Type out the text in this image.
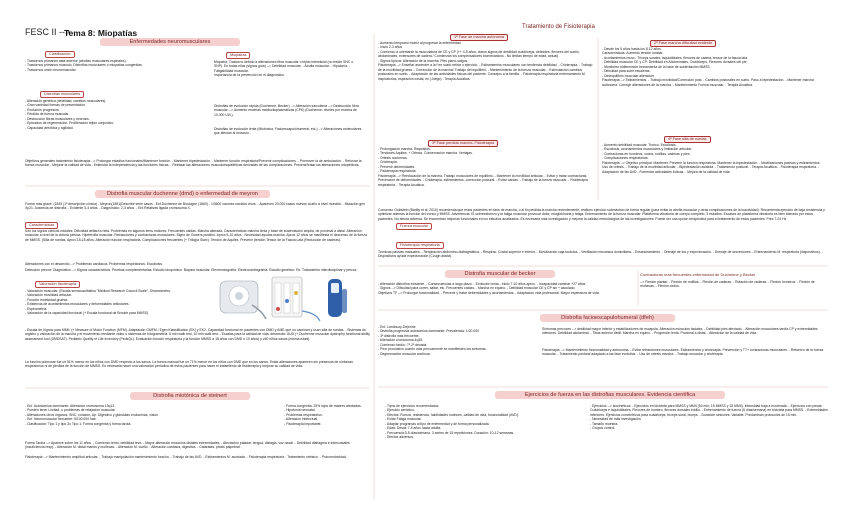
FESC II -->
Tema 8: Miopatías
Tratamiento de Fisioterapia
Enfermedades neuromusculares
Clasificación:
- Trastornos primarios asta anterior (atrofias musculares espinales).
- Trastornos primarios músculo. Distrofias musculares o miopatías congénitas.
- Trastornos unión neuromuscular.
Miopatías
Miopatía: Trastorno debido a alteraciones fibra muscular o tejido intersticial (no lesión SNC o
SNP). En todas ellas (signos guía) --> Debilidad muscular. - Atrofia muscular. - Hipotonía. -
Fatigabilidad muscular.
Importancia de la prevención en el diagnóstico.
Distrofias musculares
- Alteración genética (debilidad, cambios musculares).
- Gran variedad formas de presentación.
- Evolución progresiva.
- Pérdida de fuerza muscular.
- Destrucción fibras musculares y necrosis.
- Episodios de regeneración. Proliferación tejido conjuntivo.
- Capacidad aeróbica y agilidad.
Distrofias de evolución rápida (Duchenne, Becker) --> Alteración sarcolema --> Destrucción fibra muscular --> Aumento enzimas mediocitoplasmaticas (CPK) (Duchenne: niveles por encima de 10.000 UI/L).
Distrofias de evolución lenta (Miotónica, Facioescapulohumeral, etc.) --> Alteraciones moleculares que afectan al músculo.
Objetivos generales tratamiento fisioterapia --> Prolongar estadios funcionales/Mantener función. - Mantener bipedestación. - Mantener función respiratoria/Prevenir complicaciones. - Promover la de ambulación. - Reforzar la fuerza muscular - Mejorar la calidad de vida - Estimular la independencia y las funciones físicas. - Retrasar las alteraciones musculoesqueléticas derivadas de las complicaciones. Prevenir/tratar las alteraciones ortopédicas.
Distrofia muscular duchenne (dmd) o enfermedad de meyron
Forma más grave. (1845 (1ª descripción clínica) - Meyron(1851)Describe serie casos - Enf.Duchenne de Boulogne (1860) - 1/3600 varones nacidos vivos. - Aparecen 20.000 casos nuevos al año a nivel mundial. - Mutación gen Xp21. Ausencia de distrofia. - Evidente 3-4 años. - Diagnóstico: 2-3 años. - Enf.Relativas ligada cromosoma X.
Características
Son los signos clínicos iniciales: Dificultad aeltar/ra rleta. Problemas en algunos tems motores. Frecuentes caidas. Marcha alterada. Características marcha lenta y base de sustentación amplia, de proximal a distal. Alteración muscular a nivel de la cintura pélvica. Hipertrofia muscular. Retracciones y contracturas musculares. Signo de Gowers positivo. Aprox.5-10 años - Necesidad ayudas marcha. Aprox.12 años se manifiesta el descenso de la fuerza de MMSS. (Silla de ruedas. Aprox.15-18 años. Alteración función respiratoria. Complicaciones frecuentes (+ Trilogía Siarc). Tendón de Aquiles. Prevenir (tendón Tensor de la Fascia Lata (Reducción de caderas).
Alteraciones con el desarrollo --> Problemas cardiacos. Problemas respiratorios. Escoliosis.
Detección precoz: Diagnóstico --> Signos característicos. Pruebas complementarias: Estudio bioquímico. Biopsia muscular. Electromiografía. Electrocardiograma. Estudio genético. Rx. Tratamiento interdisciplinar y precoz.
Valoración fisioterapia
- Valoración muscular. (Escala semicuantitativa "Medical Research Council Scale". Dinamómetro.
- Valoración movilidad articular.
- Función motricidad gruesa.
- Existencia de acortamientos musculares y deformidades articulares.
- Espirometría.
- Valoración de la capacidad funcional (+ Escala funcional de Brooke para MMSS)
- Escala de Vignos para MMII. (+ Measure of Motor Function (MFM). Adaptación GMFM / Egen Klassifikation (EK) y EK2. Capacidad funcional en pacientes con DMD y AME que no caminan y usan silla de ruedas. - Sistemas de registro y valoración de la marcha y el movimiento mediante video o sistemas de fotogrametría. 6 min walk test, 10 min walk test. - Escalas para la calidad de vida, desarrollo: AUD (+ Duchenne muscular dystrophy functional ability assessment tool (DMDSAT). Pediatric Quality of Life Inventory (PedsQL). Evaluación función respiratoria y la función MMSS a 18 años con DMD o 10 años) y ≥50 niños sanos (misma edad).
La función pulmonar fue un 51% menor en los niños con DMD respecto a los sanos. La fuerza manual fue un 71% menor en los niños con DMD que en los sanos. Estas alteraciones aparecen sin presencia de síntomas respiratorios ni de pérdida de la función de MMSS. Es necesaria hacer una valoración periódica de estos pacientes para hacer el tratamiento de fisioterapia y mejorar su calidad de vida.
Distrofia miotónica de steinert
- Enf. Autosómica dominante. Alteración cromosoma 19q13.
- Pueden tener Limitad. o problemas de relajación muscular.
- Alteraciones otros órganos: SNC, corazón, Ap. Digestivo y glándulas endocrinas, visión.
- Enf. Neuromuscular frecuente: 5/100.000 hab.
- Clasificación: Tipo 1 y tipo 2o Tipo 1: Forma congénita y forma tardía.
- Forma congénita: 25% hijos de madres afectadas.
- Hipotonía neonatal.
- Problemas respiratorios.
- Alteración intelectual.
- Fisioterapia importante.
Forma Tardía --> Aparece sobre los 11 años. - Comienzo lento: debilidad leve. - Mayor alteración músculos distales extremidades. - Afectación paladar, lengua, disfagia, voz nasal. - Debilidad diafragma e intercostales (insuficiencia resp). - Alteración M. distal manos y muñecas. - Alteración M. cuello. - Alteración cardiaca, digestiva. - Cataratas, ptosis palpebral.
Fisioterapia --> Mantenimiento amplitud articular. - Trabajo manipulación mantenimiento función. - Trabajo de las AVD. - Estiramientos M. acortada. - Fisioterapia respiratoria - Tratamiento ortésico. - Psicomotricidad.
1ª Fase de marcha autónoma
- Aumento temprano motriz al progresar la enfermedad.
- Inicio 2-3 años
- Comienzo a orientarse la musculatura de CE y CP (++ 4-5 años: claros signos de debilidad cuádriceps, deltoides, flexores del cuello, abdominales, extensores de cadera / Comienzan los compensadores biomecánicos - No limitan tiempo de edad, actual).
- Signos típicos: Alteración de la marcha. Pies plano-valgos.
Fisioterapia --> Enseñar ascender a la f en suelo retirar o ejercicio. - Estiramientos musculares con tendencia debilidad. - Crioterapia. - Trabajo de la movilidad gruesa. - Corrección de la marcha/ Trabajo del equilibrio. - Mantenimiento de la fuerza muscular. - Estimulación cambios posturales en suelo. - Adaptación de las actividades físicas del paciente. Consejos a la familia. - Fisioterapia respiratoria entrenamiento M. inspiratorios, espiración costal, en (Juego) - Terapia Acuática.
2ª Fase marcha dificultad evidente
- Desde los 5 años hasta los 8-12 años.
Características: Aumento tendón lumbar.
- Acortamientos musc.: Triceps surales, isquiotibiales, flexores de cadera, tensor de la fascia lata.
- Debilidad muscular CE y CP: Debilidad en Abdominales, Cuádriceps, Flexores dorsales del pie.
- Monitoreo bidimensión herramienta de la base de sustentación MMSS.
- Dificultad para subir escaleras.
- Desequilibrio muscular alteración.
Fisioterapia --> Estiramientos. - Trabajo movilidad/Corrección post. - Cambios posturales en suelo. Paso a bipedestación. - Mantener marcha autónoma. Corregir alteraciones de la marcha. - Mantenimiento Fuerza muscular. - Terapia Acuática.
3ª Fase perdida marcha. Fisioterapia
- Prolongación marcha. Requisitos.
- Tendones Aquiles. + Ortesis. Conservación marcha. Ventajas.
- Ortesis nocturnas.
- Crioterapia.
- Prevenir deformidades.
- Fisioterapia respiratoria.
Fisioterapia --> Reeducación de la marcha. Trabajo musculares de equilibrio. - Mantener la movilidad articular. - Evitar y tratar contracturas. Prevención de deformidades. - Crioterapia, estiramientos, corrección postural. - Evitar caídas. - Trabajo de la fuerza muscular. - Fisioterapia respiratoria. - Terapia Acuática.
4ª Fase silla de ruedas
- Aumento debilidad muscular. Tronco. Escoliosis.
- Escoliosis, acortamientos musculares y limitación articular.
- Contracturas en hombros, codos, rodillas, caderas y pies.
- Complicaciones respiratorias.
Fisioterapia --> Objetivo principal: Mantener. Prevenir la función respiratoria. Mantener la bipedestación. - Movilizaciones pasivas y estiramientos. Uso de ortesis. - Trabajo de la movilidad articular. - Bipedestación asistida. - Tratamiento postural. - Terapia Acuática. - Fisioterapia respiratoria. - Adaptación de las AVD - Fomentar actividades lúdicas. - Mejora de la calidad de vida.
Consenso Goldstein (Barltly et al. 2010) recomienda que estos pacientes en fase de marcha, o al fin perdida la marcha recientemente, realicen ejercicio submáximo de forma regular (para evitar la atrofia muscular y otras complicaciones de la inactividad). Recomienda ejercicio de baja resistencia y optimizar además la función del tronco y MMSS. Advertencia: El sobreesfuerzo y la fatiga muscular provocar dolor, mioglobinuria y fatiga. Entrenamiento de la fuerza muscular: Plataforma vibratoria de cuerpo completo. 3 estudios. Escasez de plataforma vibratoria es bien tolerado por estos pacientes. No afecta adversa. Se encuentran mejorías funcionales en los estudios analizados. Es necesaria más investigación y mejorar la calidad metodológica de las investigaciones. Puede ser una opción terapéutica para el tratamiento de estos pacientes. Prec.7-24 Hz
Fuerza muscular
Fisioterapia respiratoria
Técnicas pasivas manuales. - Respiración abdomino-diafragmática. - Respirac. Costal superior e inferior. - Movilización caja torácica. - Ventilación mecánica domiciliaria. - Ensanchamiento. - Drenaje de tos y expectoración. - Drenaje de secreciones. - Entrenamiento M. respiratoria (dispositivos). - Dispositivos ayuda expectoración (Cough assist).
Distrofia muscular de becker
- Alteración distrofina existente. - Consecuencias a largo plazo. - Evolución lenta - Inicio 7-10 años aprox. - Incapacidad caminar +27 años.
- Signos --> Dificultad para correr, saltar, etc. Frecuentes caídas. - Marcha en equino. - Debilidad muscular CE y CP sin + asociado.
Objetivos TF --> Prolongar funcionalidad. - Prevenir y tratar deformidades y acortamientos. - Adaptación vida profesional. Mayor esperanza de vida.
Contracturas mas frecuentes enfermedad de Duchenne y Becker
--> Flexión plantar. - Flexión de rodillas. - Flexión de caderas. - Rotación de caderas. - Flexión hombros. - Flexión de muñecas. - Flexión codos.
Distrofia facioescapulohumeral (dfeh)
- Enf. Landouzy-Dejerine.
- Distrofia progresiva autosómica dominante. Prevalencia: 1/20.000
- 3ª distrofia más frecuente.
- Alteración cromosoma 4q35.
- Comienzo tardío: 7ª-2ª década.
- Peor pronóstico cuanto más precozmente se manifiesten los síntomas.
- Degeneración muscular continua.
Síntomas precoces --> debilidad mayor inferior y estabilizadores de escápula. Alteración músculos faciales. - Debilidad pies afectado. - Alteración musculares tardía CP y extremidades inferiores. Debilidad abdominal. - Tibial anterior débil. Marcha en equino. - Progresión lenta. Proximal a distal. - Alteración de la calidad de vida.
Fisioterapia --> Mantenimiento funcionalidad y autonomía. - Evitar retracciones musculares. Estiramientos y crioterapia. Prevención y TT+ contracturas musculares. - Refuerzo de la fuerza muscular. - Tratamiento postural adaptado a las fase evolutiva. - Uso de ortesis marcha. - Trabajo muscular y crioterapia.
Ejercicios de fuerza en las distrofias musculares. Evidencia científica
- Tipos de ejercicios recomendados.
- Ejercicio aeróbico.
- Efectos: Fuerza, resistencia, habilidades motrices, calidad de vida, funcionalidad (AVD).
- Evitar Fatiga muscular.
- Adaptar programas al tipo de enfermedad y de forma personalizada.
- Edad: Desde 7-8 años hasta adulta.
- Frecuencia:3-5 días/semana. 3 series de 15 repeticiones. Duración: 10-12 semanas.
- Efectos adversos.
- Ejercicios --> Isocinéticos. - Ejercicios en bicicleta para MMSS y MMII (50 min; 15 MMSS y 15 MMII). Intensidad baja a moderada. - Ejercicios con pesas: Cuádriceps e Isquiotibiales, Flexores de hombro, flexores dorsales tobillo. - Entrenamiento de fuerza (5 días/semana) en bicicleta para MMSS. - Extremidades inferiores: Ejercicios concéntricos para cuádriceps, tríceps sural, bíceps. - Duración sesiones: Variable. Predominan protocolos de 15 min.
- Necesidad de más investigación.
- Tamaño muestra.
- Grupos control.
